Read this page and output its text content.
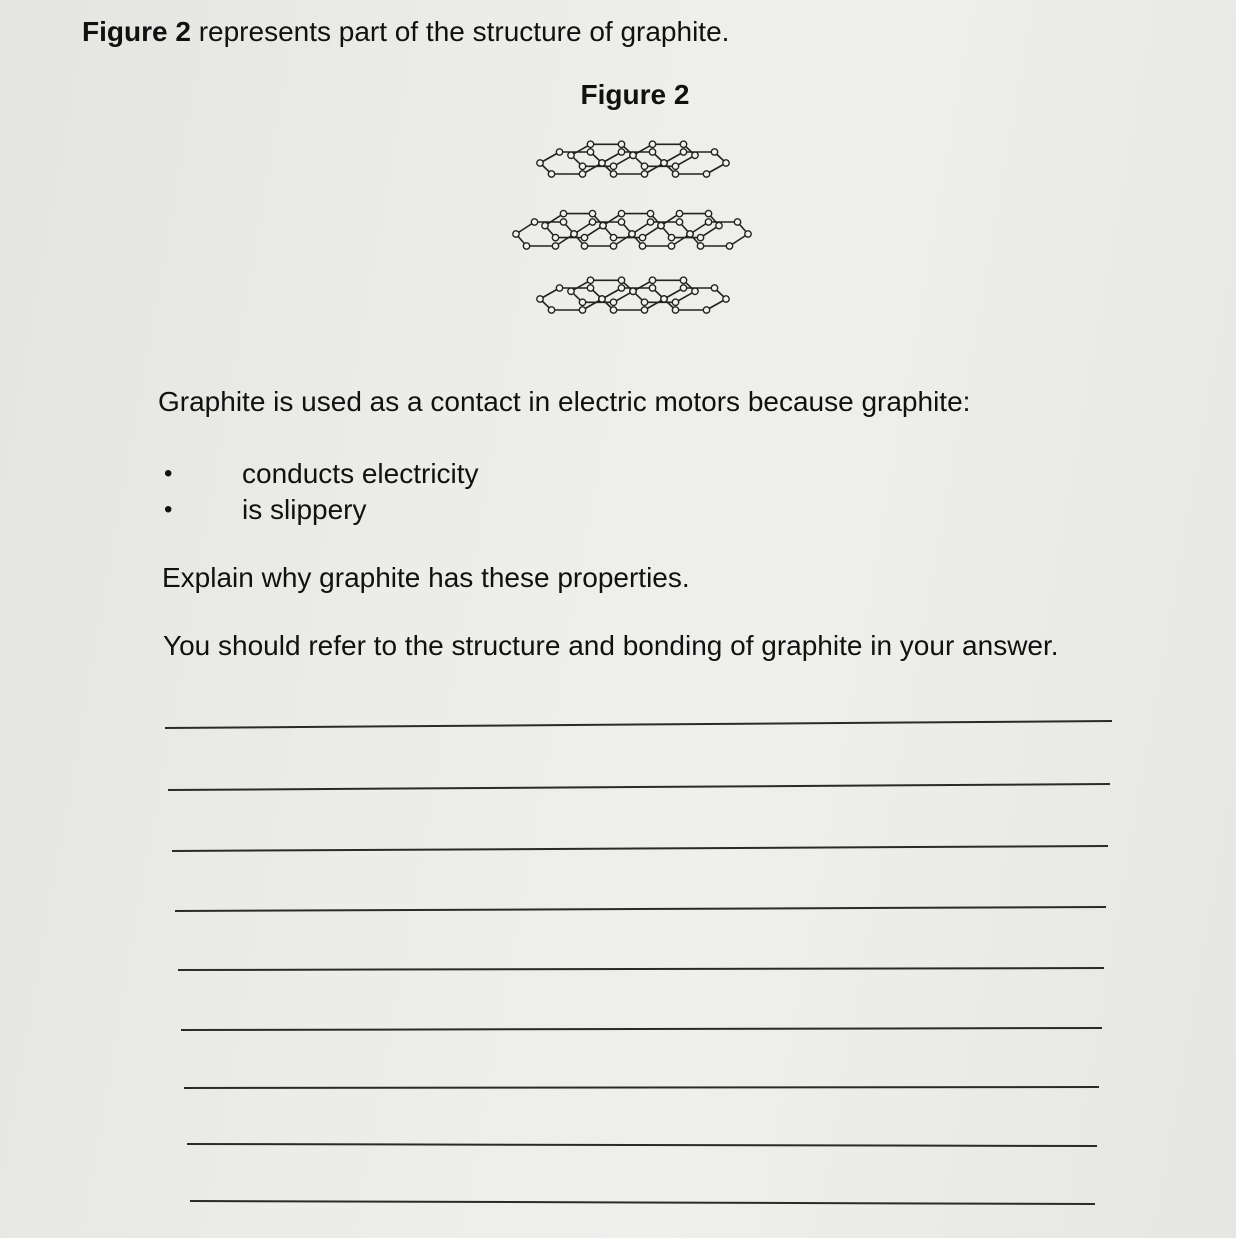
Figure 2 represents part of the structure of graphite.
Figure 2
Graphite is used as a contact in electric motors because graphite:
• conducts electricity
• is slippery
Explain why graphite has these properties.
You should refer to the structure and bonding of graphite in your answer.
